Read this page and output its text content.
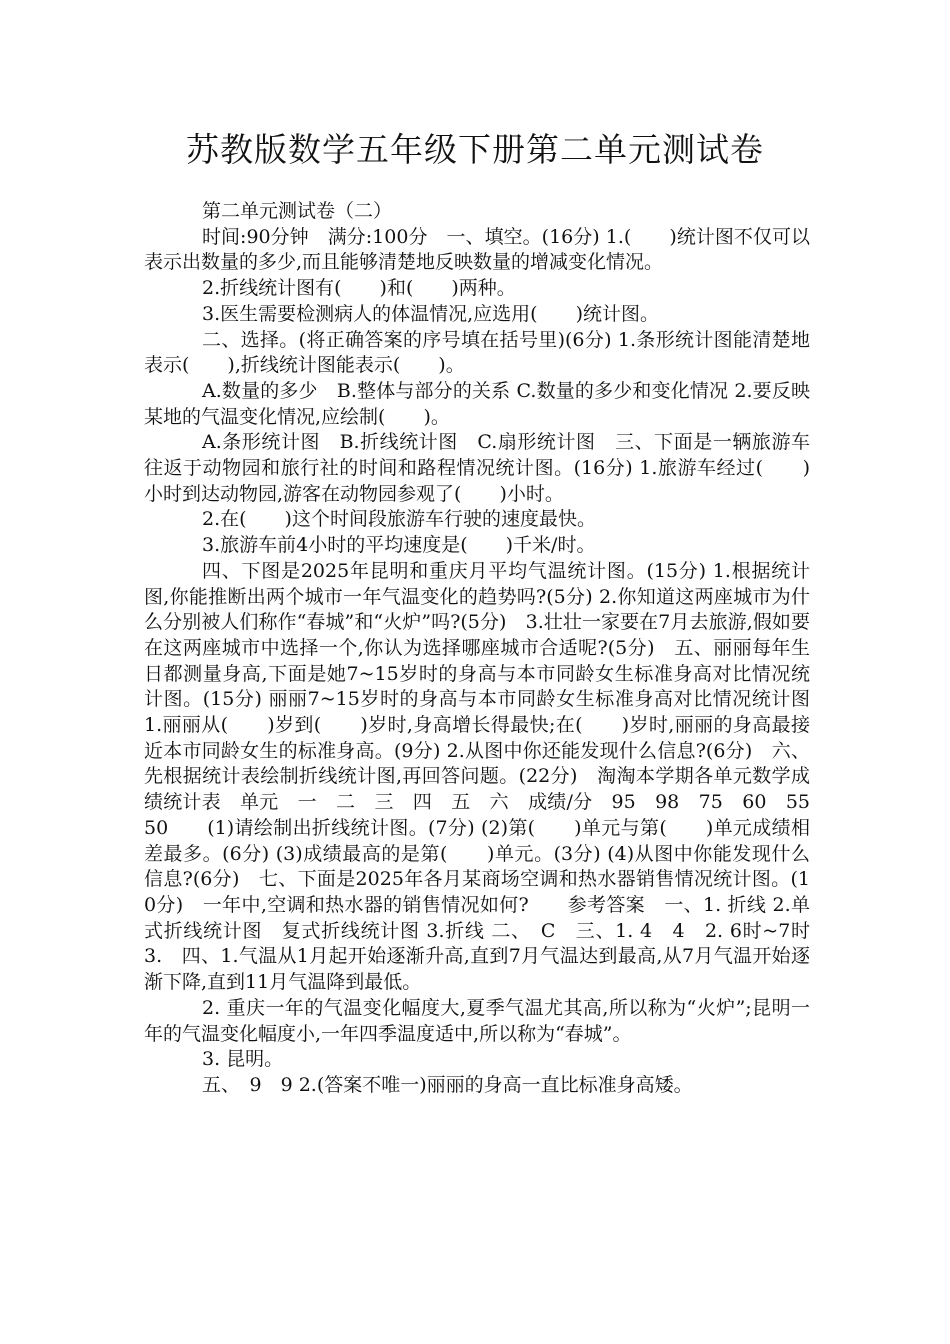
苏教版数学五年级下册第二单元测试卷

第二单元测试卷（二）

时间:90分钟　满分:100分　一、填空。(16分) 1.(　　)统计图不仅可以表示出数量的多少,而且能够清楚地反映数量的增减变化情况。

2.折线统计图有(　　)和(　　)两种。

3.医生需要检测病人的体温情况,应选用(　　)统计图。

二、选择。(将正确答案的序号填在括号里)(6分) 1.条形统计图能清楚地表示(　　),折线统计图能表示(　　)。

A.数量的多少　B.整体与部分的关系 C.数量的多少和变化情况 2.要反映某地的气温变化情况,应绘制(　　)。

A.条形统计图　B.折线统计图　C.扇形统计图　三、下面是一辆旅游车往返于动物园和旅行社的时间和路程情况统计图。(16分) 1.旅游车经过(　　)小时到达动物园,游客在动物园参观了(　　)小时。

2.在(　　)这个时间段旅游车行驶的速度最快。

3.旅游车前4小时的平均速度是(　　)千米/时。

四、下图是2025年昆明和重庆月平均气温统计图。(15分) 1.根据统计图,你能推断出两个城市一年气温变化的趋势吗?(5分) 2.你知道这两座城市为什么分别被人们称作“春城”和“火炉”吗?(5分)　3.壮壮一家要在7月去旅游,假如要在这两座城市中选择一个,你认为选择哪座城市合适呢?(5分)　五、丽丽每年生日都测量身高,下面是她7~15岁时的身高与本市同龄女生标准身高对比情况统计图。(15分) 丽丽7~15岁时的身高与本市同龄女生标准身高对比情况统计图　1.丽丽从(　　)岁到(　　)岁时,身高增长得最快;在(　　)岁时,丽丽的身高最接近本市同龄女生的标准身高。(9分) 2.从图中你还能发现什么信息?(6分)　六、先根据统计表绘制折线统计图,再回答问题。(22分)　淘淘本学期各单元数学成绩统计表　单元　一　二　三　四　五　六　成绩/分　95　98　75　60　55　50　　(1)请绘制出折线统计图。(7分) (2)第(　　)单元与第(　　)单元成绩相差最多。(6分) (3)成绩最高的是第(　　)单元。(3分) (4)从图中你能发现什么信息?(6分)　七、下面是2025年各月某商场空调和热水器销售情况统计图。(10分)　一年中,空调和热水器的销售情况如何?　　参考答案　一、1. 折线 2.单式折线统计图　复式折线统计图 3.折线 二、　C　三、1. 4　4　2. 6时~7时　3.　四、1.气温从1月起开始逐渐升高,直到7月气温达到最高,从7月气温开始逐渐下降,直到11月气温降到最低。

2. 重庆一年的气温变化幅度大,夏季气温尤其高,所以称为“火炉”;昆明一年的气温变化幅度小,一年四季温度适中,所以称为“春城”。

3. 昆明。

五、　9　9 2.(答案不唯一)丽丽的身高一直比标准身高矮。
